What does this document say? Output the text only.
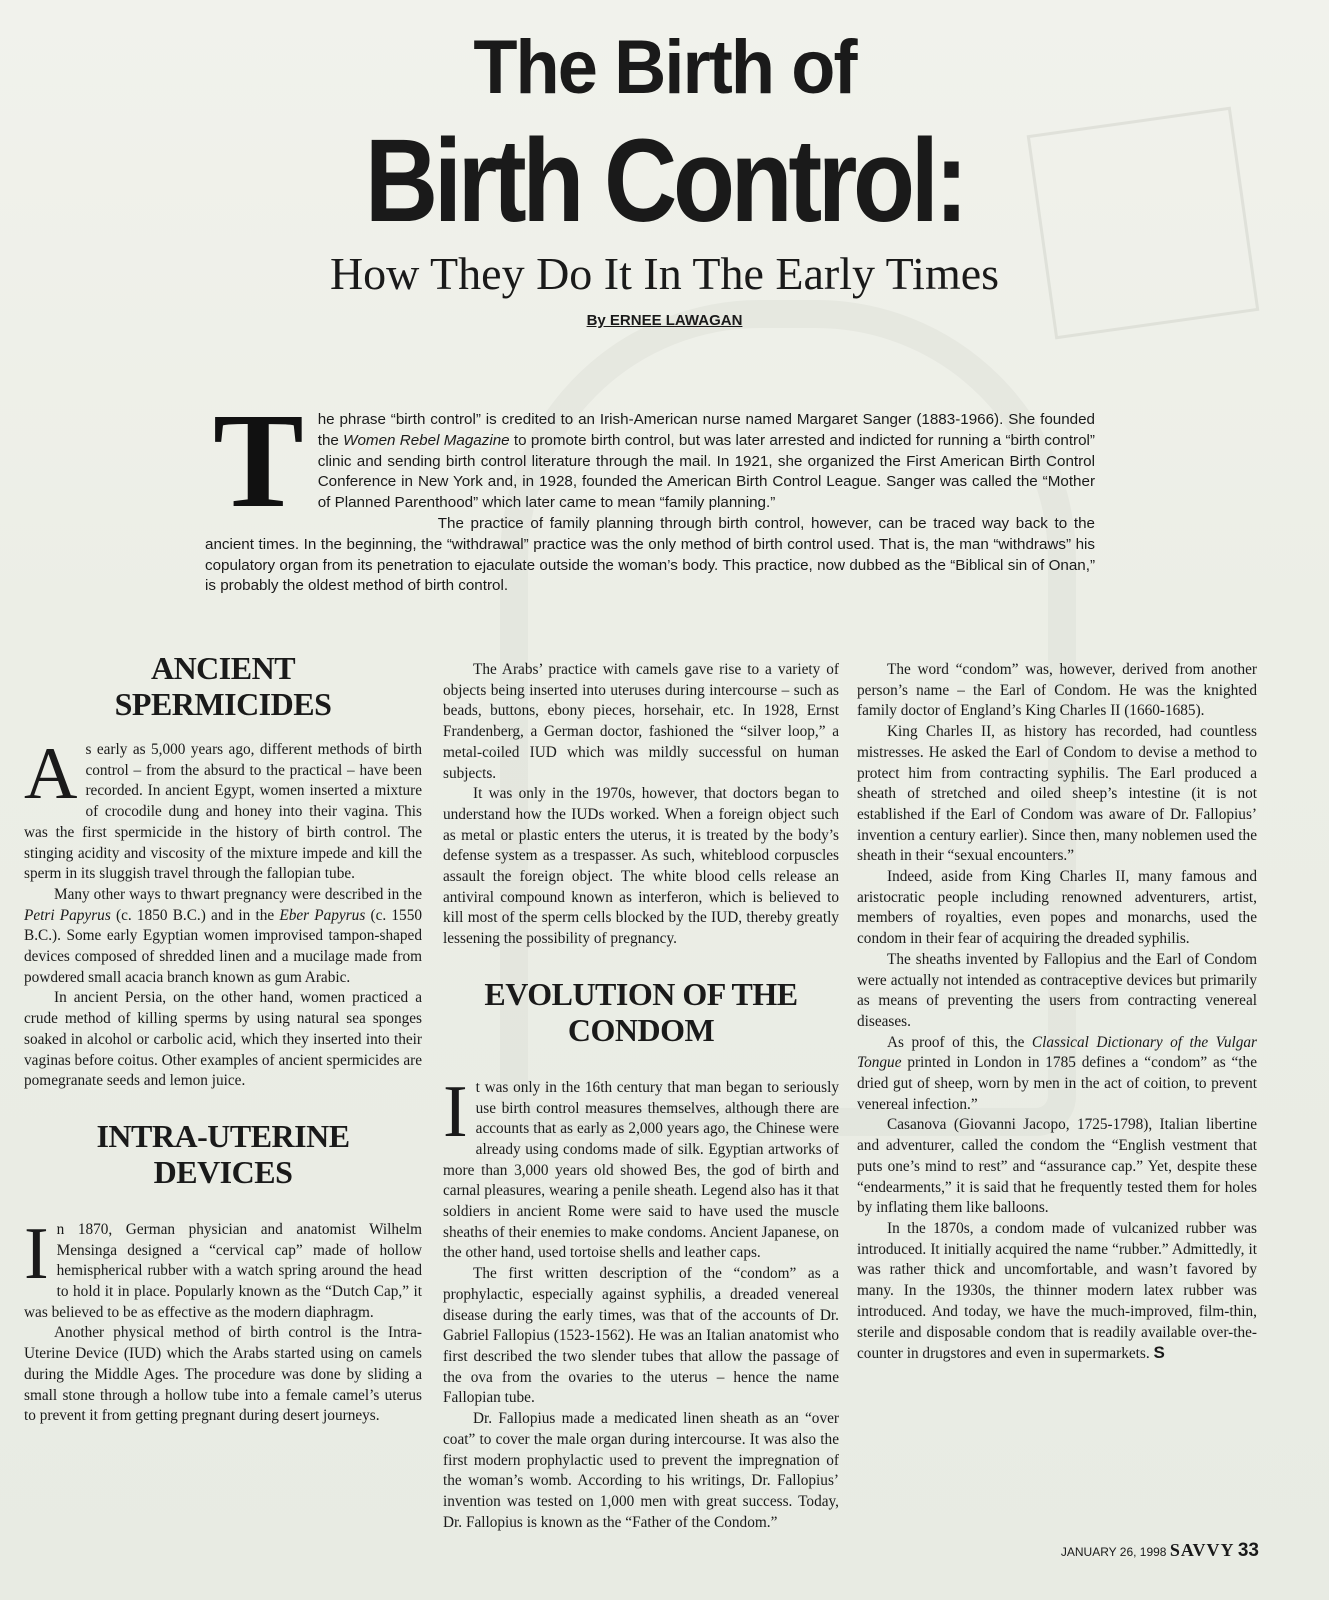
The Birth of
Birth Control:
How They Do It In The Early Times
By ERNEE LAWAGAN
T he phrase “birth control” is credited to an Irish-American nurse named Margaret Sanger (1883-1966). She founded the Women Rebel Magazine to promote birth control, but was later arrested and indicted for running a “birth control” clinic and sending birth control literature through the mail. In 1921, she organized the First American Birth Control Conference in New York and, in 1928, founded the American Birth Control League. Sanger was called the “Mother of Planned Parenthood” which later came to mean “family planning.”

The practice of family planning through birth control, however, can be traced way back to the ancient times. In the beginning, the “withdrawal” practice was the only method of birth control used. That is, the man “withdraws” his copulatory organ from its penetration to ejaculate outside the woman’s body. This practice, now dubbed as the “Biblical sin of Onan,” is probably the oldest method of birth control.

ANCIENT SPERMICIDES
A s early as 5,000 years ago, different methods of birth control – from the absurd to the practical – have been recorded. In ancient Egypt, women inserted a mixture of crocodile dung and honey into their vagina. This was the first spermicide in the history of birth control. The stinging acidity and viscosity of the mixture impede and kill the sperm in its sluggish travel through the fallopian tube.

Many other ways to thwart pregnancy were described in the Petri Papyrus (c. 1850 B.C.) and in the Eber Papyrus (c. 1550 B.C.). Some early Egyptian women improvised tampon-shaped devices composed of shredded linen and a mucilage made from powdered small acacia branch known as gum Arabic.

In ancient Persia, on the other hand, women practiced a crude method of killing sperms by using natural sea sponges soaked in alcohol or carbolic acid, which they inserted into their vaginas before coitus. Other examples of ancient spermicides are pomegranate seeds and lemon juice.

INTRA-UTERINE DEVICES
I n 1870, German physician and anatomist Wilhelm Mensinga designed a “cervical cap” made of hollow hemispherical rubber with a watch spring around the head to hold it in place. Popularly known as the “Dutch Cap,” it was believed to be as effective as the modern diaphragm.

Another physical method of birth control is the Intra-Uterine Device (IUD) which the Arabs started using on camels during the Middle Ages. The procedure was done by sliding a small stone through a hollow tube into a female camel’s uterus to prevent it from getting pregnant during desert journeys.

The Arabs’ practice with camels gave rise to a variety of objects being inserted into uteruses during intercourse – such as beads, buttons, ebony pieces, horsehair, etc. In 1928, Ernst Frandenberg, a German doctor, fashioned the “silver loop,” a metal-coiled IUD which was mildly successful on human subjects.

It was only in the 1970s, however, that doctors began to understand how the IUDs worked. When a foreign object such as metal or plastic enters the uterus, it is treated by the body’s defense system as a trespasser. As such, whiteblood corpuscles assault the foreign object. The white blood cells release an antiviral compound known as interferon, which is believed to kill most of the sperm cells blocked by the IUD, thereby greatly lessening the possibility of pregnancy.

EVOLUTION OF THE CONDOM
I t was only in the 16th century that man began to seriously use birth control measures themselves, although there are accounts that as early as 2,000 years ago, the Chinese were already using condoms made of silk. Egyptian artworks of more than 3,000 years old showed Bes, the god of birth and carnal pleasures, wearing a penile sheath. Legend also has it that soldiers in ancient Rome were said to have used the muscle sheaths of their enemies to make condoms. Ancient Japanese, on the other hand, used tortoise shells and leather caps.

The first written description of the “condom” as a prophylactic, especially against syphilis, a dreaded venereal disease during the early times, was that of the accounts of Dr. Gabriel Fallopius (1523-1562). He was an Italian anatomist who first described the two slender tubes that allow the passage of the ova from the ovaries to the uterus – hence the name Fallopian tube.

Dr. Fallopius made a medicated linen sheath as an “over coat” to cover the male organ during intercourse. It was also the first modern prophylactic used to prevent the impregnation of the woman’s womb. According to his writings, Dr. Fallopius’ invention was tested on 1,000 men with great success. Today, Dr. Fallopius is known as the “Father of the Condom.”

The word “condom” was, however, derived from another person’s name – the Earl of Condom. He was the knighted family doctor of England’s King Charles II (1660-1685).

King Charles II, as history has recorded, had countless mistresses. He asked the Earl of Condom to devise a method to protect him from contracting syphilis. The Earl produced a sheath of stretched and oiled sheep’s intestine (it is not established if the Earl of Condom was aware of Dr. Fallopius’ invention a century earlier). Since then, many noblemen used the sheath in their “sexual encounters.”

Indeed, aside from King Charles II, many famous and aristocratic people including renowned adventurers, artist, members of royalties, even popes and monarchs, used the condom in their fear of acquiring the dreaded syphilis.

The sheaths invented by Fallopius and the Earl of Condom were actually not intended as contraceptive devices but primarily as means of preventing the users from contracting venereal diseases.

As proof of this, the Classical Dictionary of the Vulgar Tongue printed in London in 1785 defines a “condom” as “the dried gut of sheep, worn by men in the act of coition, to prevent venereal infection.”

Casanova (Giovanni Jacopo, 1725-1798), Italian libertine and adventurer, called the condom the “English vestment that puts one’s mind to rest” and “assurance cap.” Yet, despite these “endearments,” it is said that he frequently tested them for holes by inflating them like balloons.

In the 1870s, a condom made of vulcanized rubber was introduced. It initially acquired the name “rubber.” Admittedly, it was rather thick and uncomfortable, and wasn’t favored by many. In the 1930s, the thinner modern latex rubber was introduced. And today, we have the much-improved, film-thin, sterile and disposable condom that is readily available over-the-counter in drugstores and even in supermarkets. S

JANUARY 26, 1998 SAVVY 33
